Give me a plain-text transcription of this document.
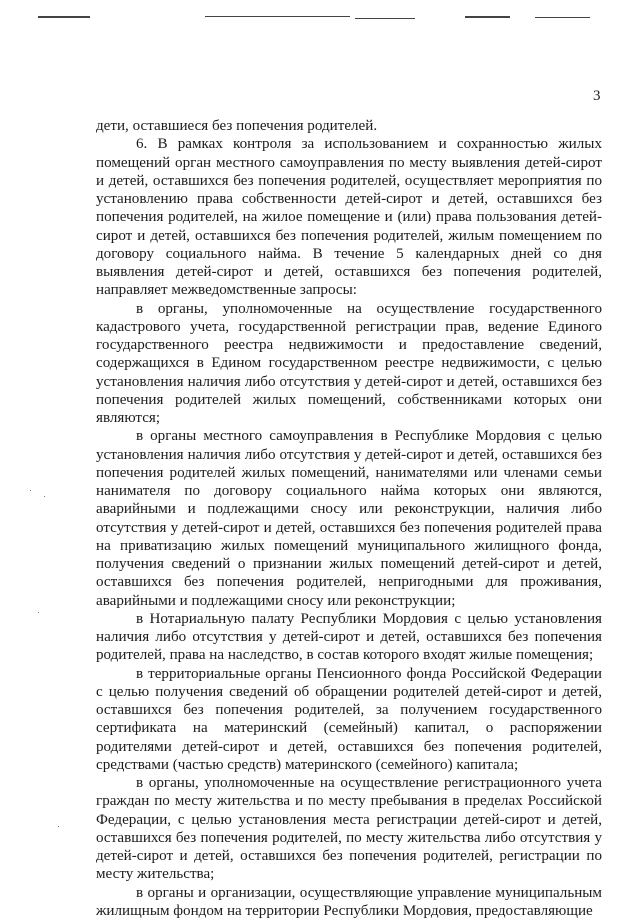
3

дети, оставшиеся без попечения родителей.

6. В рамках контроля за использованием и сохранностью жилых помещений орган местного самоуправления по месту выявления детей-сирот и детей, оставшихся без попечения родителей, осуществляет мероприятия по установлению права собственности детей-сирот и детей, оставшихся без попечения родителей, на жилое помещение и (или) права пользования детей-сирот и детей, оставшихся без попечения родителей, жилым помещением по договору социального найма. В течение 5 календарных дней со дня выявления детей-сирот и детей, оставшихся без попечения родителей, направляет межведомственные запросы:

в органы, уполномоченные на осуществление государственного кадастрового учета, государственной регистрации прав, ведение Единого государственного реестра недвижимости и предоставление сведений, содержащихся в Едином государственном реестре недвижимости, с целью установления наличия либо отсутствия у детей-сирот и детей, оставшихся без попечения родителей жилых помещений, собственниками которых они являются;

в органы местного самоуправления в Республике Мордовия с целью установления наличия либо отсутствия у детей-сирот и детей, оставшихся без попечения родителей жилых помещений, нанимателями или членами семьи нанимателя по договору социального найма которых они являются, аварийными и подлежащими сносу или реконструкции, наличия либо отсутствия у детей-сирот и детей, оставшихся без попечения родителей права на приватизацию жилых помещений муниципального жилищного фонда, получения сведений о признании жилых помещений детей-сирот и детей, оставшихся без попечения родителей, непригодными для проживания, аварийными и подлежащими сносу или реконструкции;

в Нотариальную палату Республики Мордовия с целью установления наличия либо отсутствия у детей-сирот и детей, оставшихся без попечения родителей, права на наследство, в состав которого входят жилые помещения;

в территориальные органы Пенсионного фонда Российской Федерации с целью получения сведений об обращении родителей детей-сирот и детей, оставшихся без попечения родителей, за получением государственного сертификата на материнский (семейный) капитал, о распоряжении родителями детей-сирот и детей, оставшихся без попечения родителей, средствами (частью средств) материнского (семейного) капитала;

в органы, уполномоченные на осуществление регистрационного учета граждан по месту жительства и по месту пребывания в пределах Российской Федерации, с целью установления места регистрации детей-сирот и детей, оставшихся без попечения родителей, по месту жительства либо отсутствия у детей-сирот и детей, оставшихся без попечения родителей, регистрации по месту жительства;

в органы и организации, осуществляющие управление муниципальным жилищным фондом на территории Республики Мордовия, предоставляющие
